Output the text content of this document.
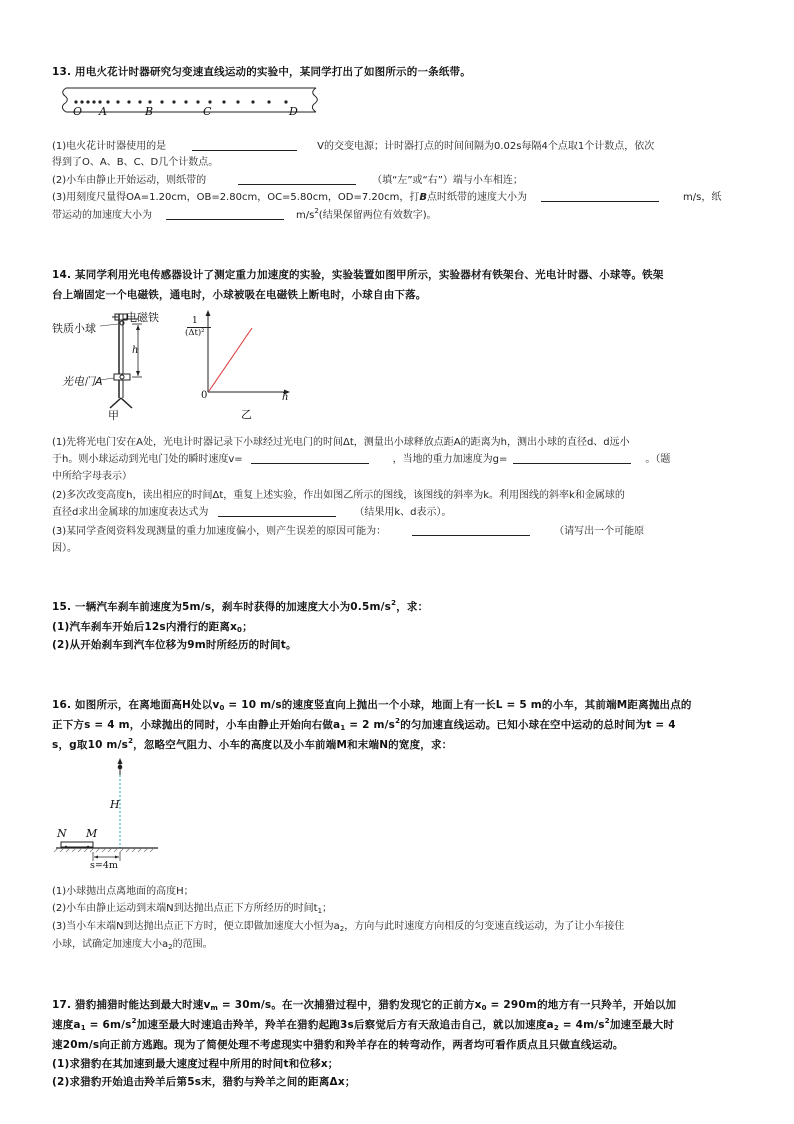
13. 用电火花计时器研究匀变速直线运动的实验中，某同学打出了如图所示的一条纸带。
O A	B	C	D
(1)电火花计时器使用的是	V的交变电源；计时器打点的时间间隔为0.02s每隔4个点取1个计数点，依次
得到了O、A、B、C、D几个计数点。
(2)小车由静止开始运动，则纸带的	（填“左”或“右”）端与小车相连；
(3)用刻度尺量得OA=1.20cm，OB=2.80cm，OC=5.80cm，OD=7.20cm，打B点时纸带的速度大小为	m/s，纸
带运动的加速度大小为	$m/s^2$(结果保留两位有效数字)。
14. 某同学利用光电传感器设计了测定重力加速度的实验，实验装置如图甲所示，实验器材有铁架台、光电计时器、小球等。铁架
台上端固定一个电磁铁，通电时，小球被吸在电磁铁上断电时，小球自由下落。
铁质小球
电磁铁
光电门A
h
甲	乙
1
(Δt)²
0	h
(1)先将光电门安在A处，光电计时器记录下小球经过光电门的时间Δt，测量出小球释放点距A的距离为h，测出小球的直径d、d远小
于h。则小球运动到光电门处的瞬时速度v=	，当地的重力加速度为g=	。（题
中所给字母表示）
(2)多次改变高度h，读出相应的时间Δt，重复上述实验，作出如图乙所示的图线，该图线的斜率为k。利用图线的斜率k和金属球的
直径d求出金属球的加速度表达式为	（结果用k、d表示）。
(3)某同学查阅资料发现测量的重力加速度偏小，则产生误差的原因可能为：	（请写出一个可能原
因）。
15. 一辆汽车刹车前速度为5m/s，刹车时获得的加速度大小为$0.5m/s^2$，求：
(1)汽车刹车开始后12s内滑行的距离$x_0$；
(2)从开始刹车到汽车位移为9m时所经历的时间t。
16. 如图所示，在离地面高H处以$v_0 = 10$ m/s的速度竖直向上抛出一个小球，地面上有一长L = 5 m的小车，其前端M距离抛出点的
正下方s = 4 m，小球抛出的同时，小车由静止开始向右做$a_1 = 2$ $m/s^2$的匀加速直线运动。已知小球在空中运动的总时间为t = 4
s，g取10 $m/s^2$，忽略空气阻力、小车的高度以及小车前端M和末端N的宽度，求：
H
N M
s=4m
(1)小球抛出点离地面的高度H；
(2)小车由静止运动到末端N到达抛出点正下方所经历的时间$t_1$；
(3)当小车末端N到达抛出点正下方时，便立即做加速度大小恒为$a_2$，方向与此时速度方向相反的匀变速直线运动，为了让小车接住
小球，试确定加速度大小$a_2$的范围。
17. 猎豹捕猎时能达到最大时速$v_m = 30m/s$。在一次捕猎过程中，猎豹发现它的正前方$x_0 = 290m$的地方有一只羚羊，开始以加
速度$a_1 = 6m/s^2$加速至最大时速追击羚羊，羚羊在猎豹起跑3s后察觉后方有天敌追击自己，就以加速度$a_2 = 4m/s^2$加速至最大时
速20m/s向正前方逃跑。现为了简便处理不考虑现实中猎豹和羚羊存在的转弯动作，两者均可看作质点且只做直线运动。
(1)求猎豹在其加速到最大速度过程中所用的时间t和位移x；
(2)求猎豹开始追击羚羊后第5s末，猎豹与羚羊之间的距离Δx；
